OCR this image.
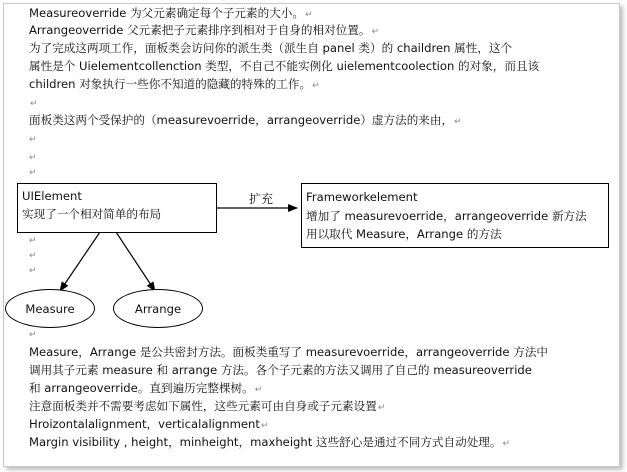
Measureoverride 为父元素确定每个子元素的大小。↵
Arrangeoverride 父元素把子元素排序到相对于自身的相对位置。↵
为了完成这两项工作，面板类会访问你的派生类（派生自 panel 类）的 chaildren 属性，这个
属性是个 Uielementcollenction 类型，不自己不能实例化 uielementcoolection 的对象，而且该
children 对象执行一些你不知道的隐藏的特殊的工作。↵
↵
面板类这两个受保护的（measurevoerride，arrangeoverride）虚方法的来由，↵
↵
↵
↵
↵
↵
↵
↵
扩充
UIElement
实现了一个相对简单的布局
Frameworkelement
增加了 measurevoerride，arrangeoverride 新方法
用以取代 Measure，Arrange 的方法
Measure	Arrange
Measure，Arrange 是公共密封方法。面板类重写了 measurevoerride，arrangeoverride 方法中
调用其子元素 measure 和 arrange 方法。各个子元素的方法又调用了自己的 measureoverride
和 arrangeoverride。直到遍历完整棵树。↵
注意面板类并不需要考虑如下属性，这些元素可由自身或子元素设置↵
Hroizontalalignment，verticalalignment↵
Margin visibility , height，minheight，maxheight 这些舒心是通过不同方式自动处理。↵
